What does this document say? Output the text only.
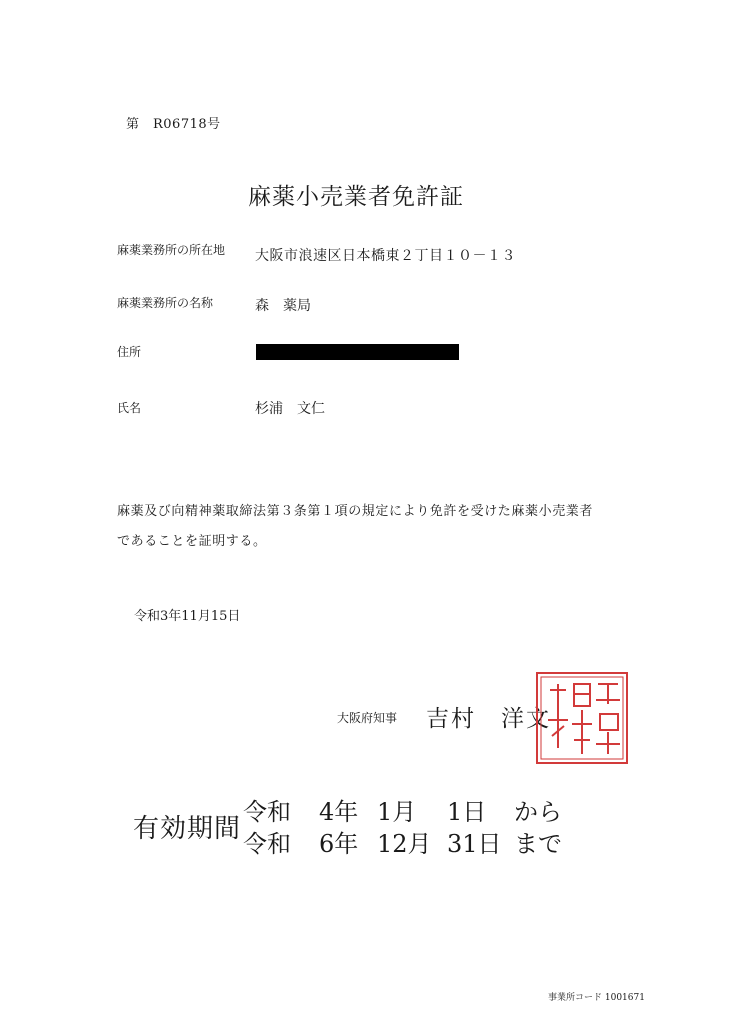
第　R06718号
麻薬小売業者免許証
麻薬業務所の所在地	大阪市浪速区日本橋東２丁目１０－１３
麻薬業務所の名称	森　薬局
住所
氏名	杉浦　文仁
麻薬及び向精神薬取締法第３条第１項の規定により免許を受けた麻薬小売業者
であることを証明する。
令和3年11月15日
大阪府知事 吉村　洋文
有効期間
令和 4年 1月 1日 から
令和 6年 12月 31日 まで
事業所コード 1001671
